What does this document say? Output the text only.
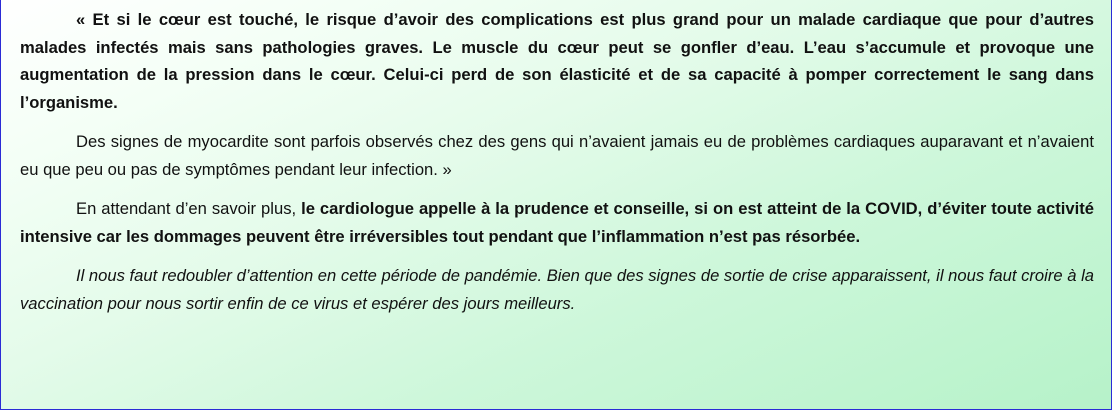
« Et si le cœur est touché, le risque d’avoir des complications est plus grand pour un malade cardiaque que pour d’autres malades infectés mais sans pathologies graves. Le muscle du cœur peut se gonfler d’eau. L’eau s’accumule et provoque une augmentation de la pression dans le cœur. Celui-ci perd de son élasticité et de sa capacité à pomper correctement le sang dans l’organisme.

Des signes de myocardite sont parfois observés chez des gens qui n’avaient jamais eu de problèmes cardiaques auparavant et n’avaient eu que peu ou pas de symptômes pendant leur infection. »

En attendant d’en savoir plus, le cardiologue appelle à la prudence et conseille, si on est atteint de la COVID, d’éviter toute activité intensive car les dommages peuvent être irréversibles tout pendant que l’inflammation n’est pas résorbée.

Il nous faut redoubler d’attention en cette période de pandémie. Bien que des signes de sortie de crise apparaissent, il nous faut croire à la vaccination pour nous sortir enfin de ce virus et espérer des jours meilleurs.
